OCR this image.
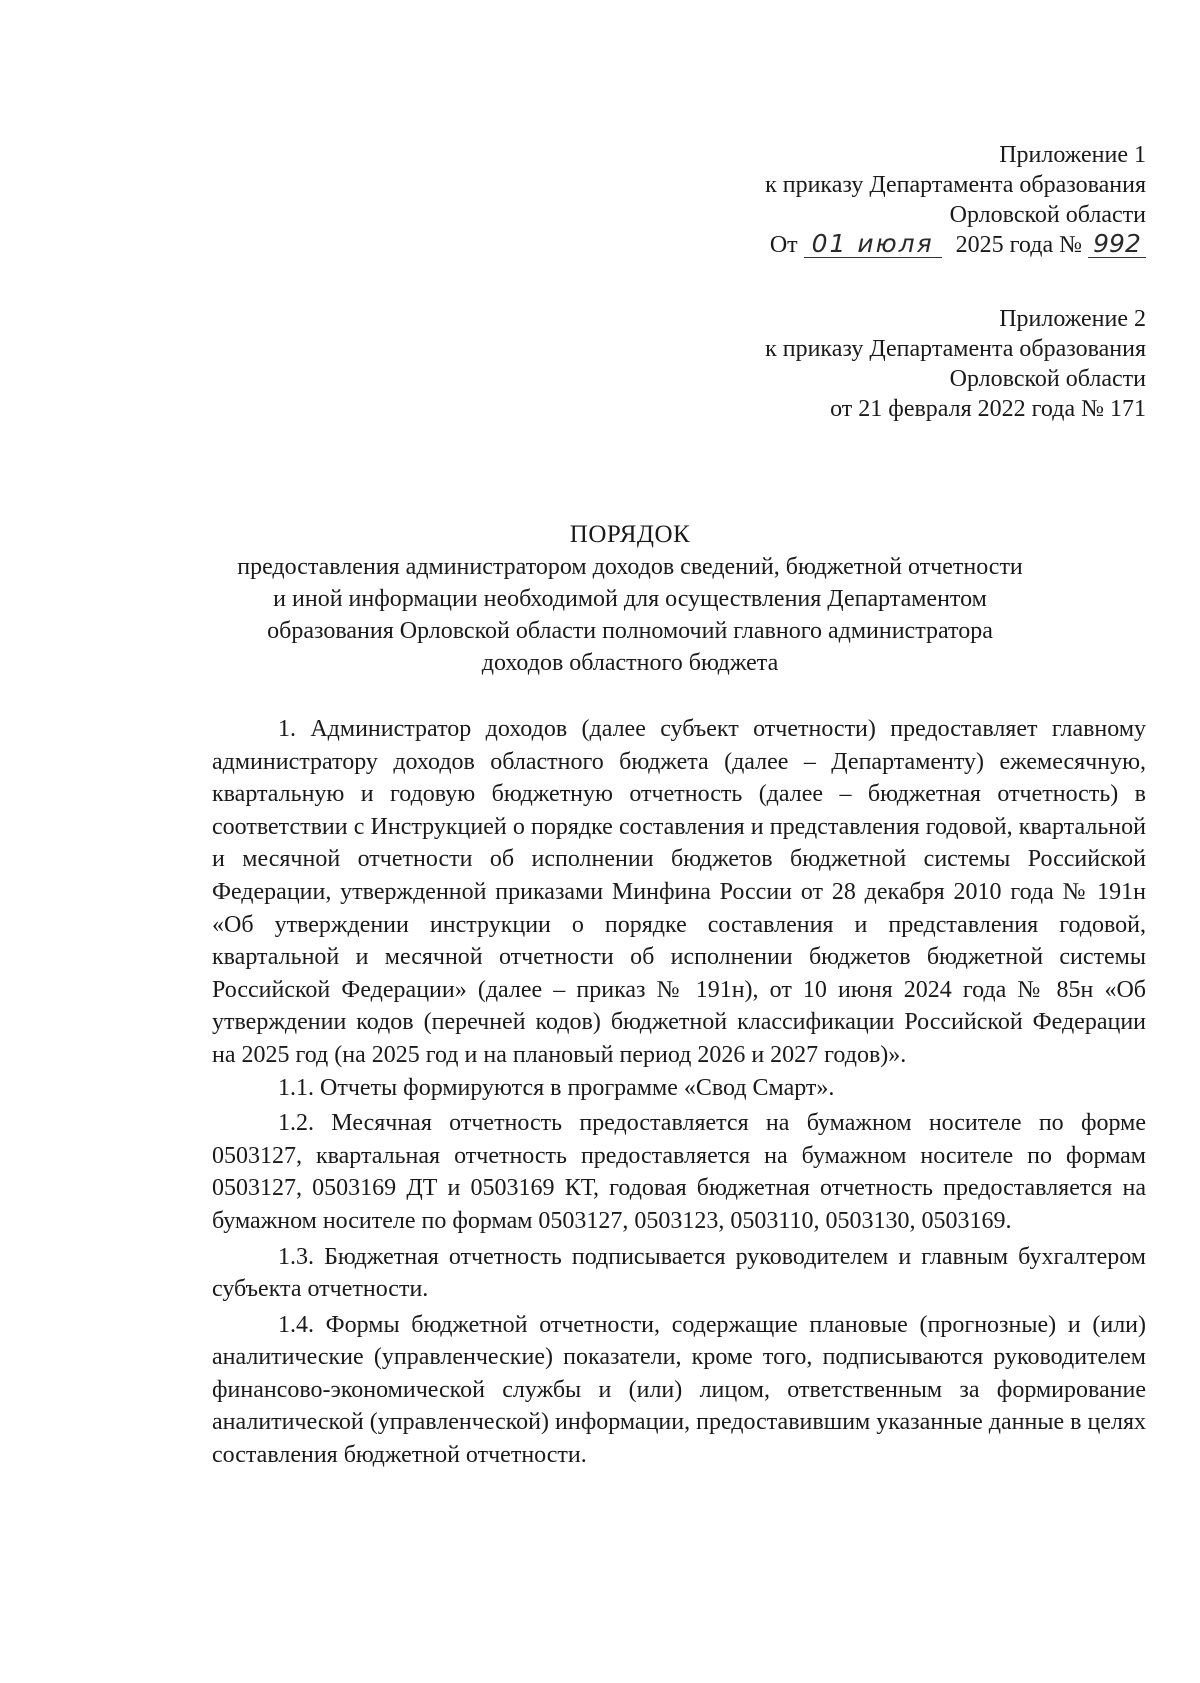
Приложение 1
к приказу Департамента образования
Орловской области
От 01 июля 2025 года № 992
Приложение 2
к приказу Департамента образования
Орловской области
от 21 февраля 2022 года № 171
ПОРЯДОК
предоставления администратором доходов сведений, бюджетной отчетности
и иной информации необходимой для осуществления Департаментом
образования Орловской области полномочий главного администратора
доходов областного бюджета

1. Администратор доходов (далее субъект отчетности) предоставляет главному администратору доходов областного бюджета (далее – Департаменту) ежемесячную, квартальную и годовую бюджетную отчетность (далее – бюджетная отчетность) в соответствии с Инструкцией о порядке составления и представления годовой, квартальной и месячной отчетности об исполнении бюджетов бюджетной системы Российской Федерации, утвержденной приказами Минфина России от 28 декабря 2010 года № 191н «Об утверждении инструкции о порядке составления и представления годовой, квартальной и месячной отчетности об исполнении бюджетов бюджетной системы Российской Федерации» (далее – приказ № 191н), от 10 июня 2024 года № 85н «Об утверждении кодов (перечней кодов) бюджетной классификации Российской Федерации на 2025 год (на 2025 год и на плановый период 2026 и 2027 годов)».

1.1. Отчеты формируются в программе «Свод Смарт».

1.2. Месячная отчетность предоставляется на бумажном носителе по форме 0503127, квартальная отчетность предоставляется на бумажном носителе по формам 0503127, 0503169 ДТ и 0503169 КТ, годовая бюджетная отчетность предоставляется на бумажном носителе по формам 0503127, 0503123, 0503110, 0503130, 0503169.

1.3. Бюджетная отчетность подписывается руководителем и главным бухгалтером субъекта отчетности.

1.4. Формы бюджетной отчетности, содержащие плановые (прогнозные) и (или) аналитические (управленческие) показатели, кроме того, подписываются руководителем финансово-экономической службы и (или) лицом, ответственным за формирование аналитической (управленческой) информации, предоставившим указанные данные в целях составления бюджетной отчетности.
